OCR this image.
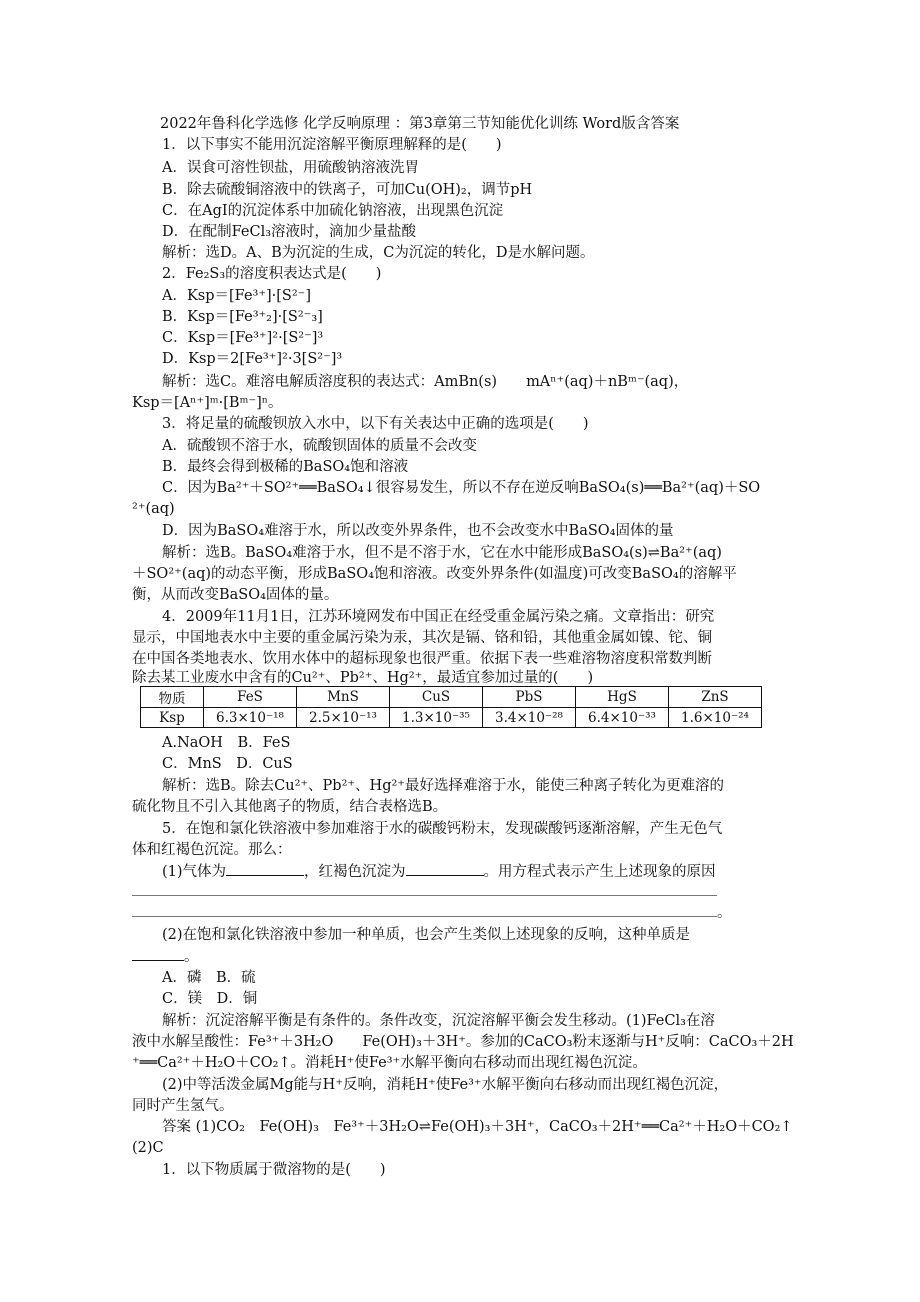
2022年鲁科化学选修 化学反响原理 ：第3章第三节知能优化训练 Word版含答案
1．以下事实不能用沉淀溶解平衡原理解释的是(　　)
A．误食可溶性钡盐，用硫酸钠溶液洗胃
B．除去硫酸铜溶液中的铁离子，可加Cu(OH)₂，调节pH
C．在AgI的沉淀体系中加硫化钠溶液，出现黑色沉淀
D．在配制FeCl₃溶液时，滴加少量盐酸
解析：选D。A、B为沉淀的生成，C为沉淀的转化，D是水解问题。
2．Fe₂S₃的溶度积表达式是(　　)
A．Ksp＝[Fe³⁺]·[S²⁻]
B．Ksp＝[Fe³⁺₂]·[S²⁻₃]
C．Ksp＝[Fe³⁺]²·[S²⁻]³
D．Ksp＝2[Fe³⁺]²·3[S²⁻]³
解析：选C。难溶电解质溶度积的表达式：AmBn(s)　　mAⁿ⁺(aq)＋nBᵐ⁻(aq)，
Ksp＝[Aⁿ⁺]ᵐ·[Bᵐ⁻]ⁿ。
3．将足量的硫酸钡放入水中，以下有关表达中正确的选项是(　　)
A．硫酸钡不溶于水，硫酸钡固体的质量不会改变
B．最终会得到极稀的BaSO₄饱和溶液
C．因为Ba²⁺＋SO²⁺══BaSO₄↓很容易发生，所以不存在逆反响BaSO₄(s)══Ba²⁺(aq)＋SO
²⁺(aq)
D．因为BaSO₄难溶于水，所以改变外界条件，也不会改变水中BaSO₄固体的量
解析：选B。BaSO₄难溶于水，但不是不溶于水，它在水中能形成BaSO₄(s)⇌Ba²⁺(aq)
＋SO²⁺(aq)的动态平衡，形成BaSO₄饱和溶液。改变外界条件(如温度)可改变BaSO₄的溶解平
衡，从而改变BaSO₄固体的量。
4．2009年11月1日，江苏环境网发布中国正在经受重金属污染之痛。文章指出：研究
显示，中国地表水中主要的重金属污染为汞，其次是镉、铬和铅，其他重金属如镍、铊、铜
在中国各类地表水、饮用水体中的超标现象也很严重。依据下表一些难溶物溶度积常数判断
除去某工业废水中含有的Cu²⁺、Pb²⁺、Hg²⁺，最适宜参加过量的(　　)
物质	FeS	MnS	CuS	PbS	HgS	ZnS
Ksp	6.3×10⁻¹⁸	2.5×10⁻¹³	1.3×10⁻³⁵	3.4×10⁻²⁸	6.4×10⁻³³	1.6×10⁻²⁴
A.NaOH　B．FeS
C．MnS　D．CuS
解析：选B。除去Cu²⁺、Pb²⁺、Hg²⁺最好选择难溶于水，能使三种离子转化为更难溶的
硫化物且不引入其他离子的物质，结合表格选B。
5．在饱和氯化铁溶液中参加难溶于水的碳酸钙粉末，发现碳酸钙逐渐溶解，产生无色气
体和红褐色沉淀。那么：
(1)气体为	，红褐色沉淀为	。用方程式表示产生上述现象的原因
。
(2)在饱和氯化铁溶液中参加一种单质，也会产生类似上述现象的反响，这种单质是
。
A．磷　B．硫
C．镁　D．铜
解析：沉淀溶解平衡是有条件的。条件改变，沉淀溶解平衡会发生移动。(1)FeCl₃在溶
液中水解呈酸性：Fe³⁺＋3H₂O　　Fe(OH)₃＋3H⁺。参加的CaCO₃粉末逐渐与H⁺反响：CaCO₃＋2H
⁺══Ca²⁺＋H₂O＋CO₂↑。消耗H⁺使Fe³⁺水解平衡向右移动而出现红褐色沉淀。
(2)中等活泼金属Mg能与H⁺反响，消耗H⁺使Fe³⁺水解平衡向右移动而出现红褐色沉淀，
同时产生氢气。
答案 (1)CO₂　Fe(OH)₃　Fe³⁺＋3H₂O⇌Fe(OH)₃＋3H⁺，CaCO₃＋2H⁺══Ca²⁺＋H₂O＋CO₂↑
(2)C
1．以下物质属于微溶物的是(　　)
